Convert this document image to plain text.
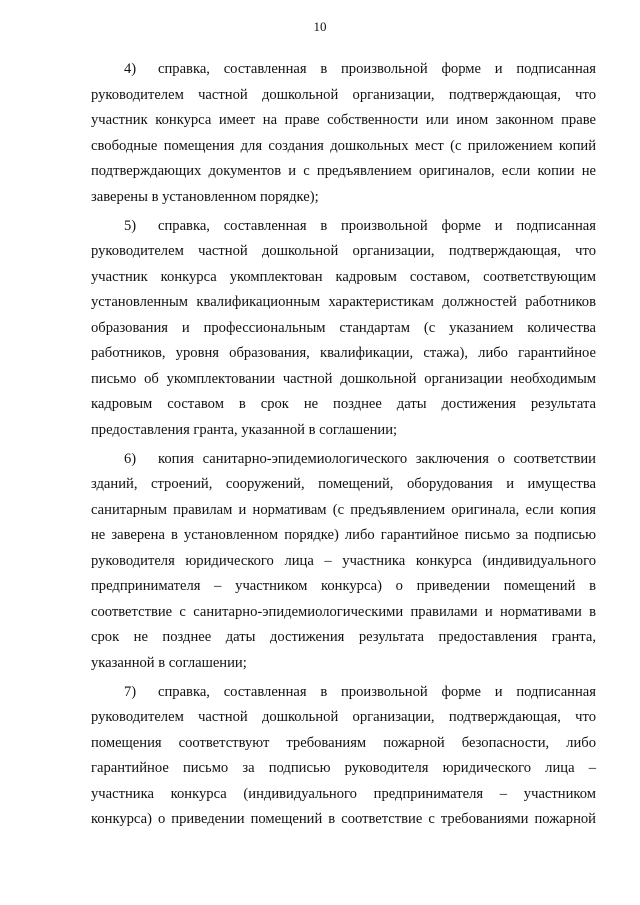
10
4)	справка, составленная в произвольной форме и подписанная
руководителем частной дошкольной организации, подтверждающая, что
участник конкурса имеет на праве собственности или ином законном праве
свободные помещения для создания дошкольных мест (с приложением копий
подтверждающих документов и с предъявлением оригиналов, если копии не
заверены в установленном порядке);
5)	справка, составленная в произвольной форме и подписанная
руководителем частной дошкольной организации, подтверждающая, что
участник конкурса укомплектован кадровым составом, соответствующим
установленным квалификационным характеристикам должностей работников
образования и профессиональным стандартам (с указанием количества
работников, уровня образования, квалификации, стажа), либо гарантийное
письмо об укомплектовании частной дошкольной организации необходимым
кадровым составом в срок не позднее даты достижения результата
предоставления гранта, указанной в соглашении;
6)	копия санитарно-эпидемиологического заключения о соответствии
зданий, строений, сооружений, помещений, оборудования и имущества
санитарным правилам и нормативам (с предъявлением оригинала, если копия
не заверена в установленном порядке) либо гарантийное письмо за подписью
руководителя юридического лица – участника конкурса (индивидуального
предпринимателя – участником конкурса) о приведении помещений в
соответствие с санитарно-эпидемиологическими правилами и нормативами в
срок не позднее даты достижения результата предоставления гранта,
указанной в соглашении;
7)	справка, составленная в произвольной форме и подписанная
руководителем частной дошкольной организации, подтверждающая, что
помещения соответствуют требованиям пожарной безопасности, либо
гарантийное письмо за подписью руководителя юридического лица –
участника конкурса (индивидуального предпринимателя – участником
конкурса) о приведении помещений в соответствие с требованиями пожарной
